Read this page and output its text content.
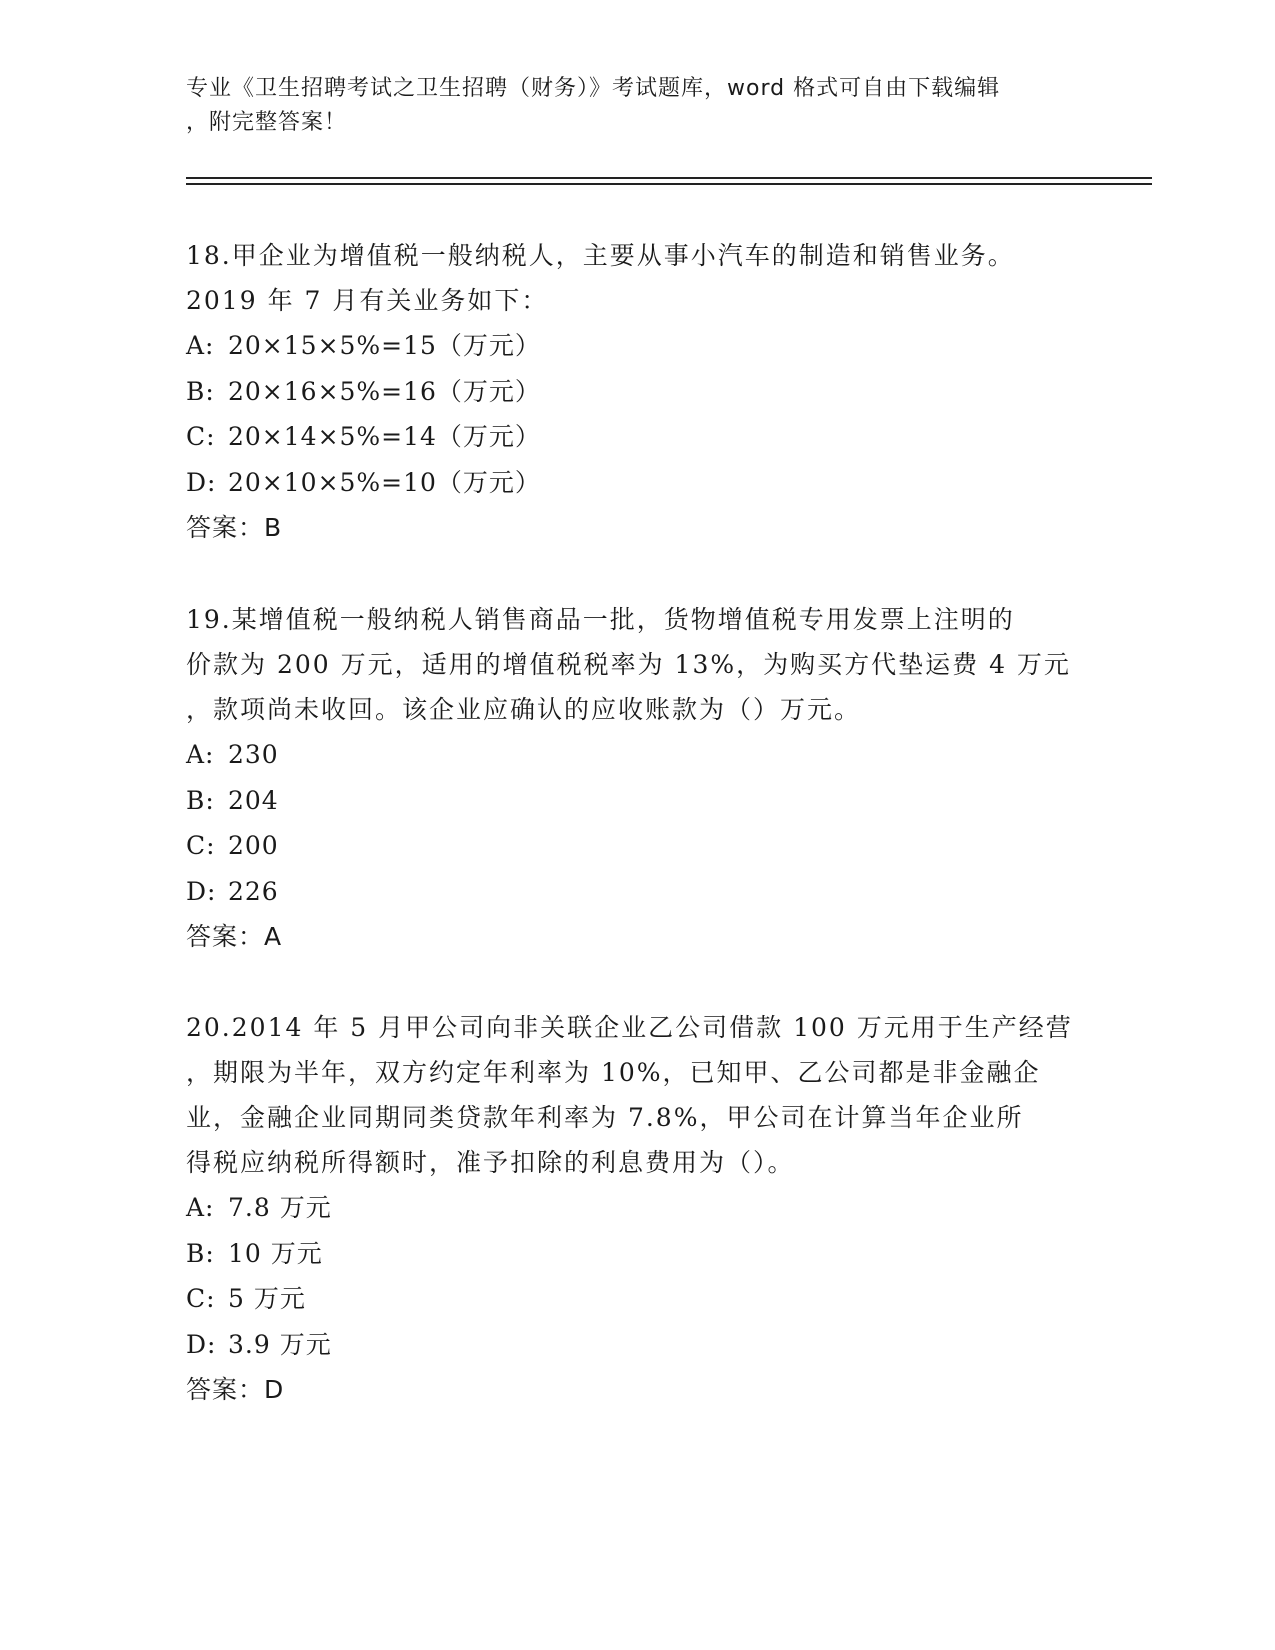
专业《卫生招聘考试之卫生招聘（财务）》考试题库，word 格式可自由下载编辑
，附完整答案！
18.甲企业为增值税一般纳税人，主要从事小汽车的制造和销售业务。
2019 年 7 月有关业务如下：
A: 20×15×5%=15（万元）
B: 20×16×5%=16（万元）
C: 20×14×5%=14（万元）
D: 20×10×5%=10（万元）
答案：B
19.某增值税一般纳税人销售商品一批，货物增值税专用发票上注明的
价款为 200 万元，适用的增值税税率为 13%，为购买方代垫运费 4 万元
，款项尚未收回。该企业应确认的应收账款为（）万元。
A: 230
B: 204
C: 200
D: 226
答案：A
20.2014 年 5 月甲公司向非关联企业乙公司借款 100 万元用于生产经营
，期限为半年，双方约定年利率为 10%，已知甲、乙公司都是非金融企
业，金融企业同期同类贷款年利率为 7.8%，甲公司在计算当年企业所
得税应纳税所得额时，准予扣除的利息费用为（）。
A: 7.8 万元
B: 10 万元
C: 5 万元
D: 3.9 万元
答案：D
